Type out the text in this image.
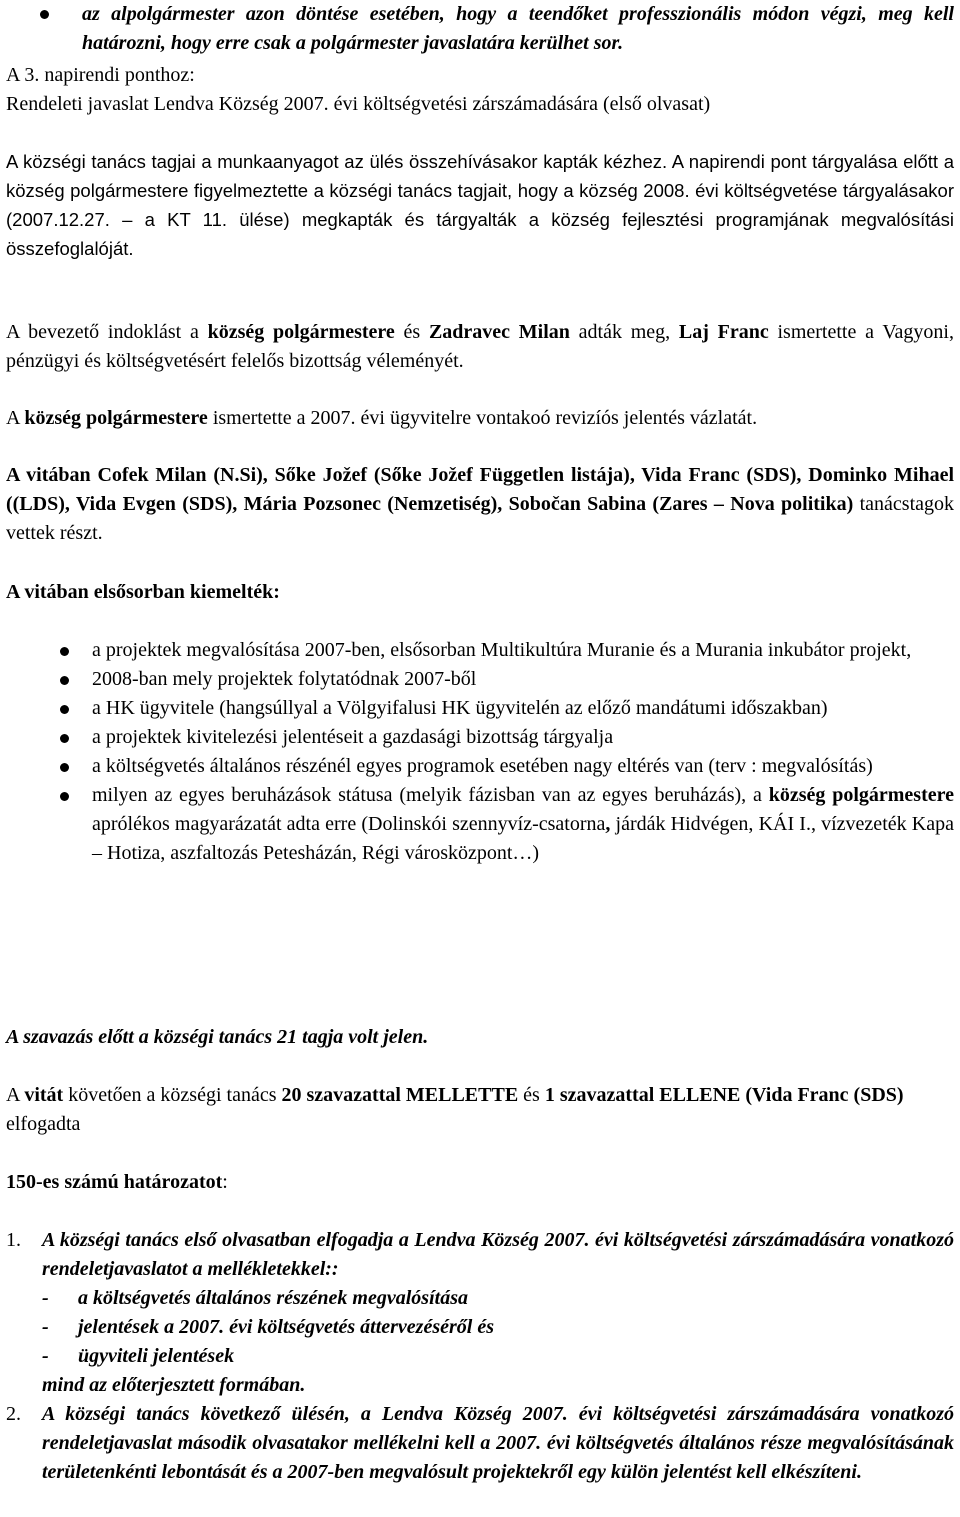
az alpolgármester azon döntése esetében, hogy a teendőket professzionális módon végzi, meg kell határozni, hogy erre csak a polgármester javaslatára kerülhet sor.
A 3. napirendi ponthoz:
Rendeleti javaslat Lendva Község 2007. évi költségvetési zárszámadására (első olvasat)
A községi tanács tagjai a munkaanyagot az ülés összehívásakor kapták kézhez. A napirendi pont tárgyalása előtt a község polgármestere figyelmeztette a községi tanács tagjait, hogy a község 2008. évi költségvetése tárgyalásakor (2007.12.27. – a KT 11. ülése) megkapták és tárgyalták a község fejlesztési programjának megvalósítási összefoglalóját.
A bevezető indoklást a község polgármestere és Zadravec Milan adták meg, Laj Franc ismertette a Vagyoni, pénzügyi és költségvetésért felelős bizottság véleményét.
A község polgármestere ismertette a 2007. évi ügyvitelre vontakoó revizíós jelentés vázlatát.
A vitában Cofek Milan (N.Si), Sőke Jožef (Sőke Jožef Független listája), Vida Franc (SDS), Dominko Mihael ((LDS), Vida Evgen (SDS), Mária Pozsonec (Nemzetiség), Sobočan Sabina (Zares – Nova politika) tanácstagok vettek részt.
A vitában elsősorban kiemelték:
a projektek megvalósítása 2007-ben, elsősorban Multikultúra Muranie és a Murania inkubátor projekt,
2008-ban mely projektek folytatódnak 2007-ből
a HK ügyvitele (hangsúllyal a Völgyifalusi HK ügyvitelén az előző mandátumi időszakban)
a projektek kivitelezési jelentéseit a gazdasági bizottság tárgyalja
a költségvetés általános részénél egyes programok esetében nagy eltérés van (terv : megvalósítás)
milyen az egyes beruházások státusa (melyik fázisban van az egyes beruházás), a község polgármestere aprólékos magyarázatát adta erre (Dolinskói szennyvíz-csatorna, járdák Hidvégen, KÁI I., vízvezeték Kapa – Hotiza, aszfaltozás Petesházán, Régi városközpont…)
A szavazás előtt a községi tanács 21 tagja volt jelen.
A vitát követően a községi tanács 20 szavazattal MELLETTE és 1 szavazattal ELLENE (Vida Franc (SDS) elfogadta
150-es számú határozatot:
1. A községi tanács első olvasatban elfogadja a Lendva Község 2007. évi költségvetési zárszámadására vonatkozó rendeletjavaslatot a mellékletekkel::
- a költségvetés általános részének megvalósítása
- jelentések a 2007. évi költségvetés áttervezéséről és
- ügyviteli jelentések
mind az előterjesztett formában.
2. A községi tanács következő ülésén, a Lendva Község 2007. évi költségvetési zárszámadására vonatkozó rendeletjavaslat második olvasatakor mellékelni kell a 2007. évi költségvetés általános része megvalósításának területenkénti lebontását és a 2007-ben megvalósult projektekről egy külön jelentést kell elkészíteni.
